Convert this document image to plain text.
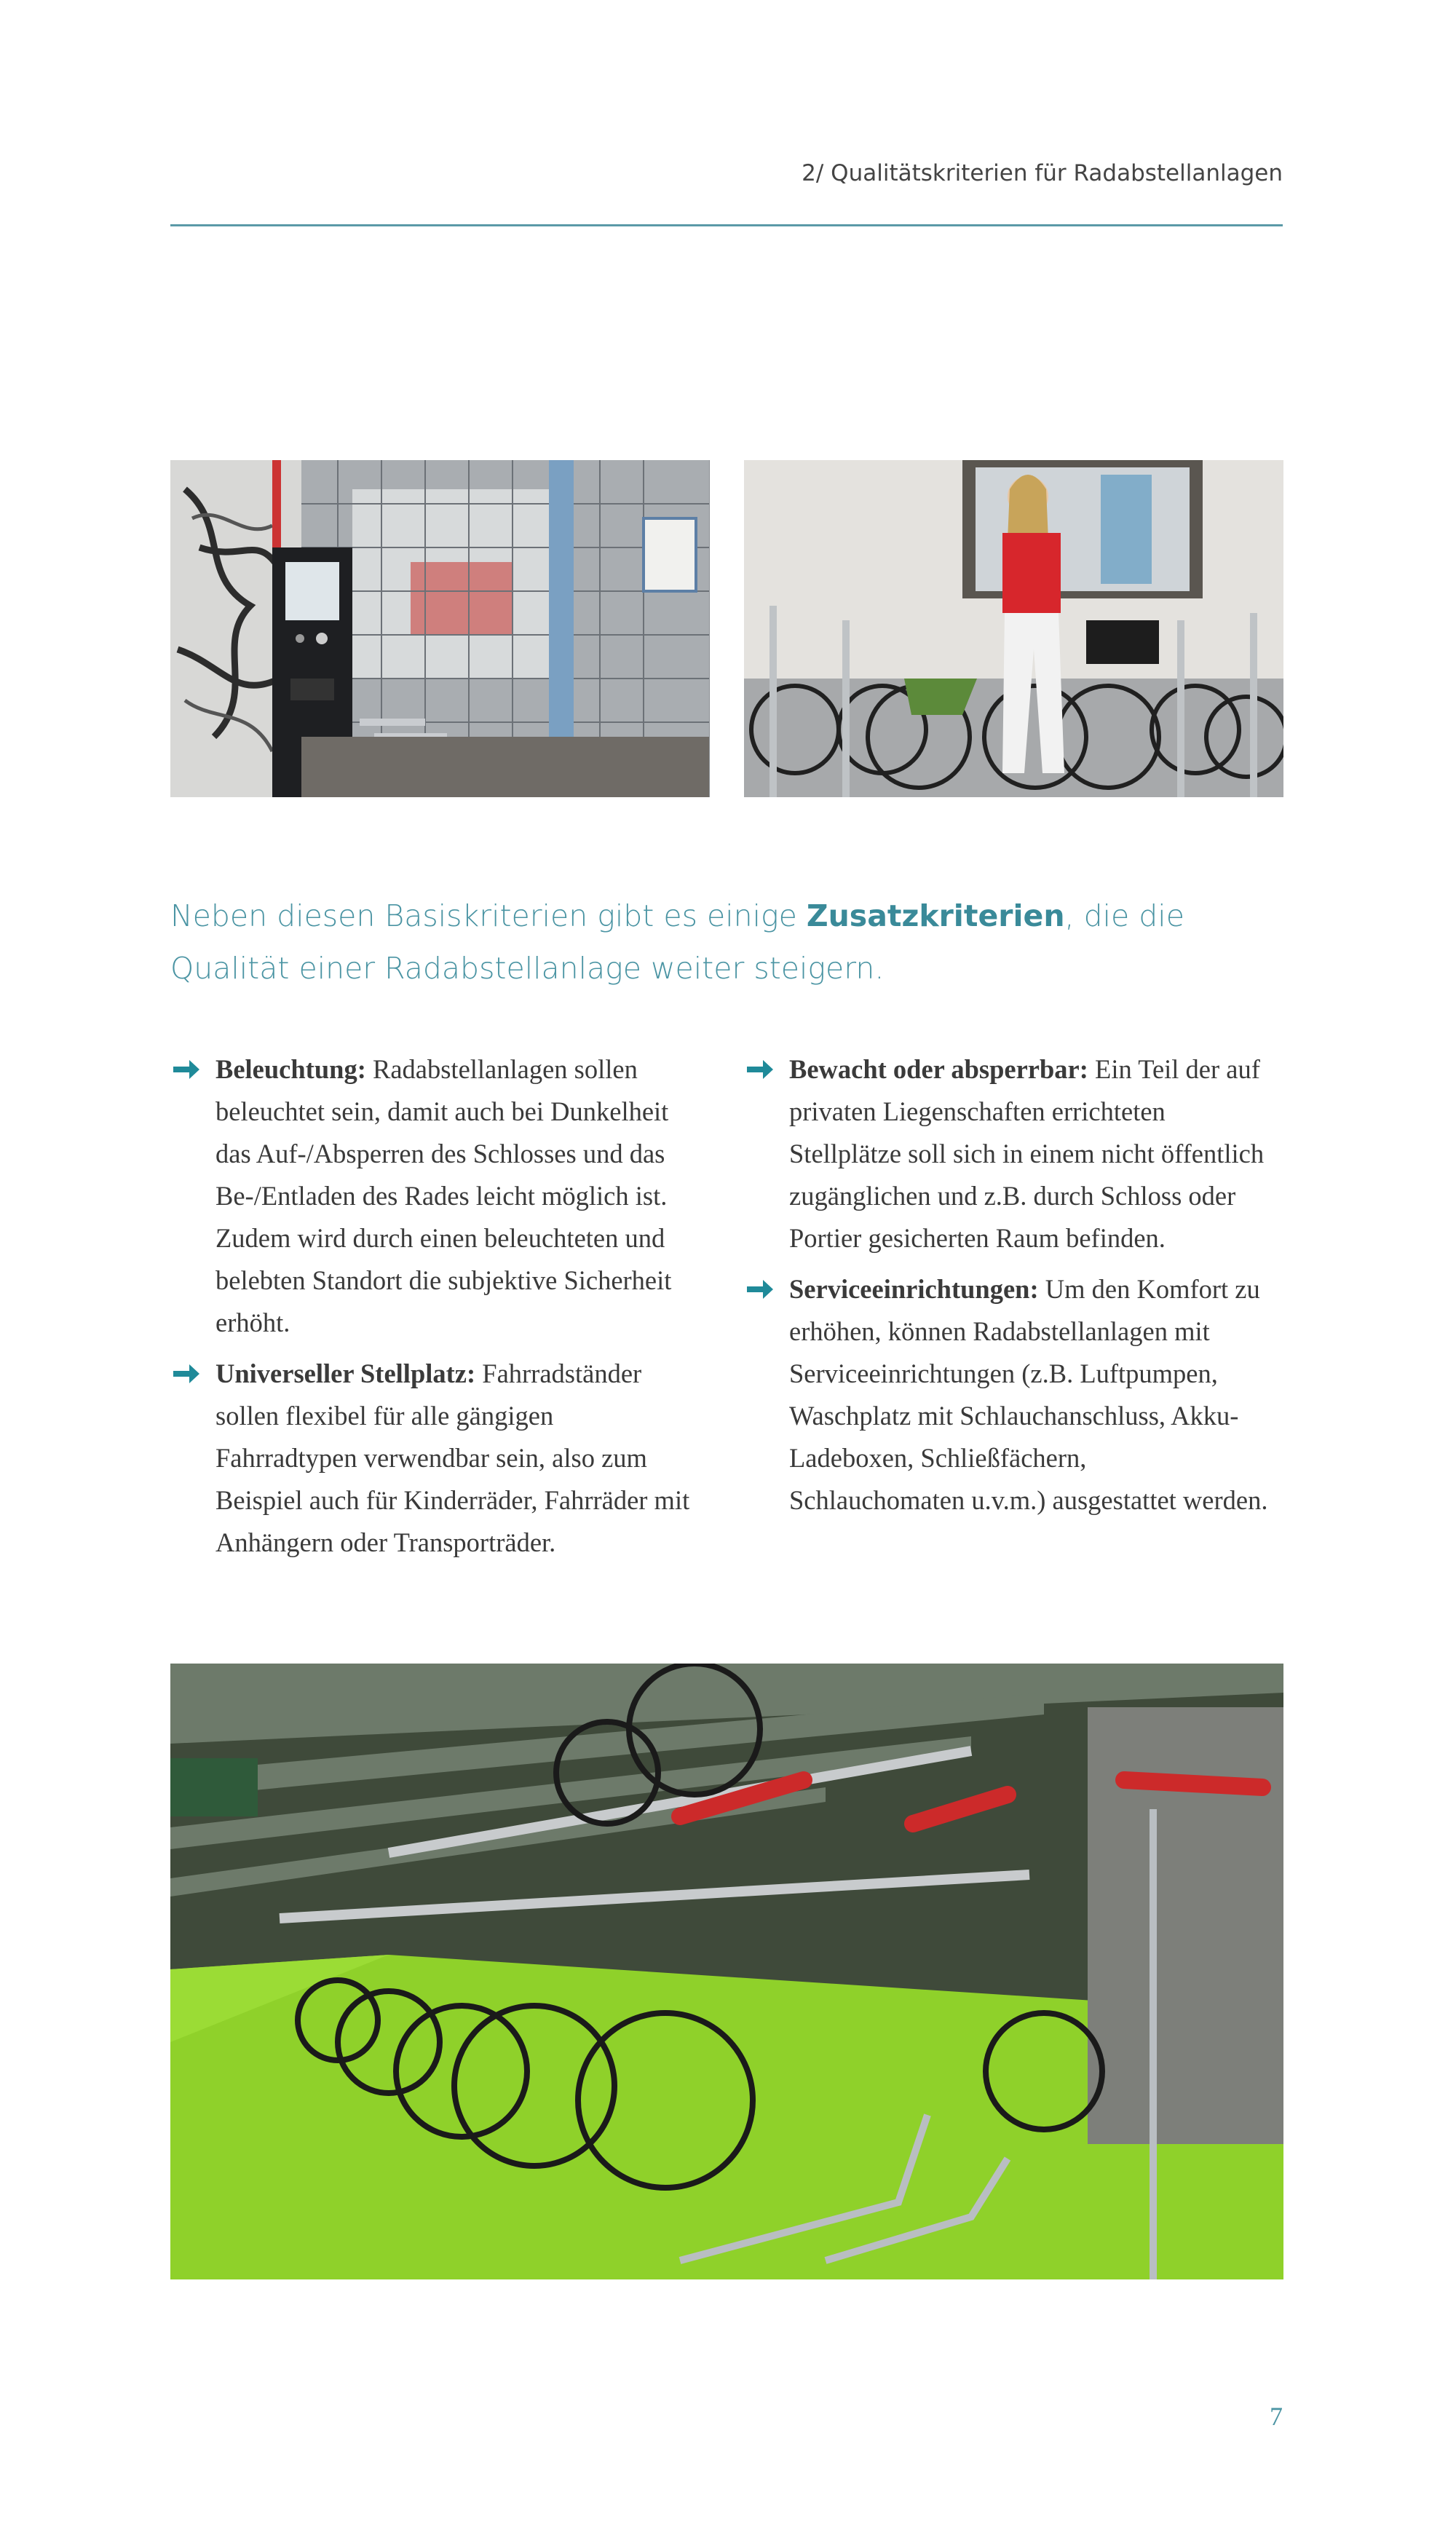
2/ Qualitätskriterien für Radabstellanlagen
Neben diesen Basiskriterien gibt es einige Zusatzkriterien, die die Qualität einer Radabstellanlage weiter steigern.
Beleuchtung: Radabstellanlagen sollen beleuchtet sein, damit auch bei Dunkelheit das Auf-/Absperren des Schlosses und das Be-/Entladen des Rades leicht möglich ist. Zudem wird durch einen beleuchteten und belebten Standort die subjektive Sicherheit erhöht.
Universeller Stellplatz: Fahrradständer sollen flexibel für alle gängigen Fahrradtypen verwendbar sein, also zum Beispiel auch für Kinderräder, Fahrräder mit Anhängern oder Transporträder.
Bewacht oder absperrbar: Ein Teil der auf privaten Liegenschaften errichteten Stellplätze soll sich in einem nicht öffentlich zugänglichen und z.B. durch Schloss oder Portier gesicherten Raum befinden.
Serviceeinrichtungen: Um den Komfort zu erhöhen, können Radabstellanlagen mit Serviceeinrichtungen (z.B. Luftpumpen, Waschplatz mit Schlauchanschluss, Akku-Ladeboxen, Schließfächern, Schlauchomaten u.v.m.) ausgestattet werden.
7
